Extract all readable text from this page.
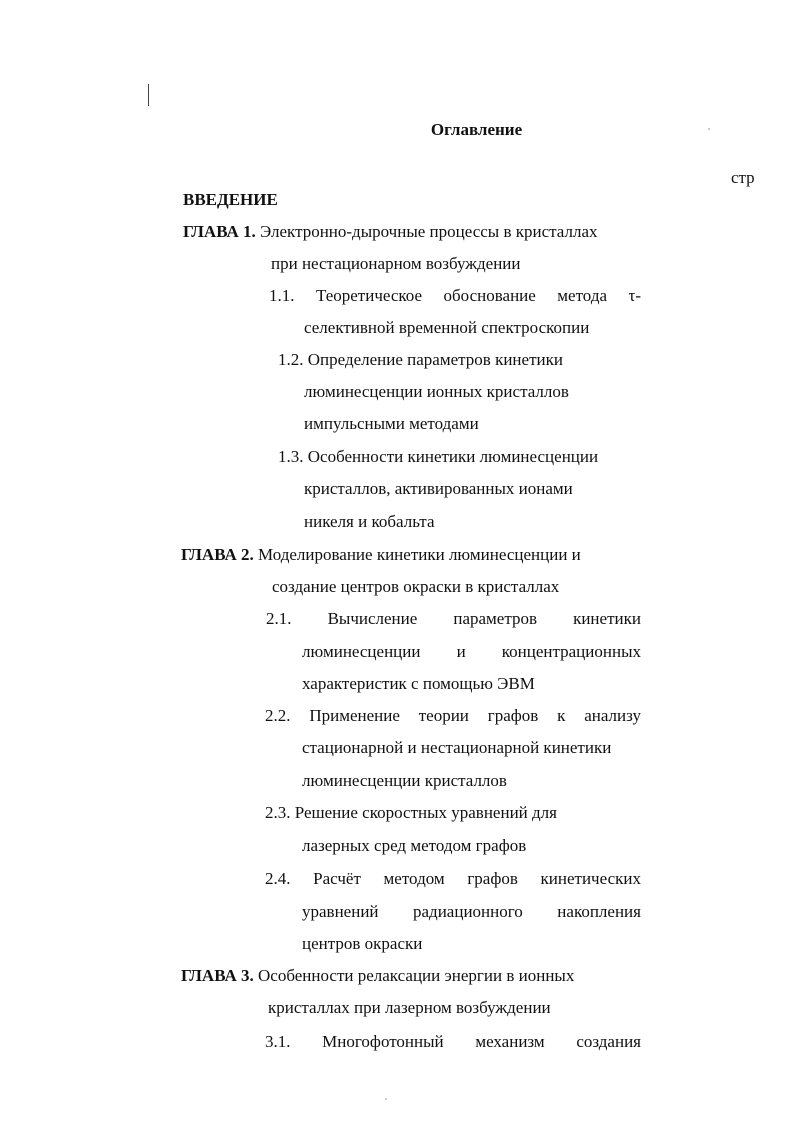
Оглавление
стр
ВВЕДЕНИЕ
ГЛАВА 1. Электронно-дырочные процессы в кристаллах
при нестационарном возбуждении
1.1. Теоретическое обоснование метода τ-
селективной временной спектроскопии
1.2. Определение параметров кинетики
люминесценции ионных кристаллов
импульсными методами
1.3. Особенности кинетики люминесценции
кристаллов, активированных ионами
никеля и кобальта
ГЛАВА 2. Моделирование кинетики люминесценции и
создание центров окраски в кристаллах
2.1. Вычисление параметров кинетики
люминесценции и концентрационных
характеристик с помощью ЭВМ
2.2. Применение теории графов к анализу
стационарной и нестационарной кинетики
люминесценции кристаллов
2.3. Решение скоростных уравнений для
лазерных сред методом графов
2.4. Расчёт методом графов кинетических
уравнений радиационного накопления
центров окраски
ГЛАВА 3. Особенности релаксации энергии в ионных
кристаллах при лазерном возбуждении
3.1. Многофотонный механизм создания
